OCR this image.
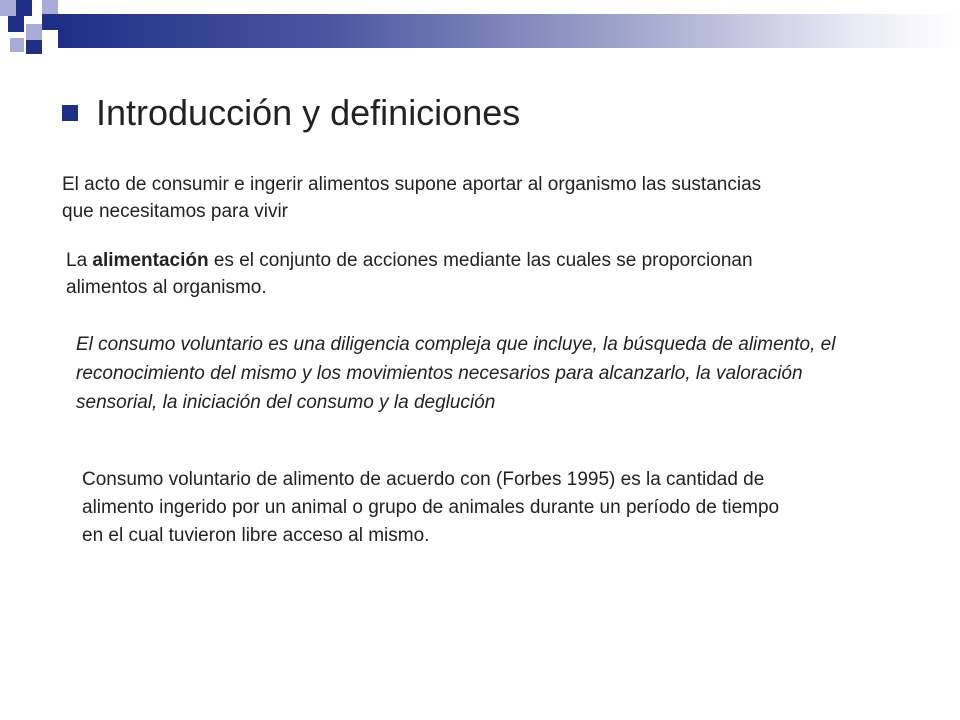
Introducción y definiciones

El acto de consumir e ingerir alimentos supone aportar al organismo las sustancias que necesitamos para vivir

La alimentación es el conjunto de acciones mediante las cuales se proporcionan alimentos al organismo.

El consumo voluntario es una diligencia compleja que incluye, la búsqueda de alimento, el reconocimiento del mismo y los movimientos necesarios para alcanzarlo, la valoración sensorial, la iniciación del consumo y la deglución

Consumo voluntario de alimento de acuerdo con (Forbes 1995) es la cantidad de alimento ingerido por un animal o grupo de animales durante un período de tiempo en el cual tuvieron libre acceso al mismo.
